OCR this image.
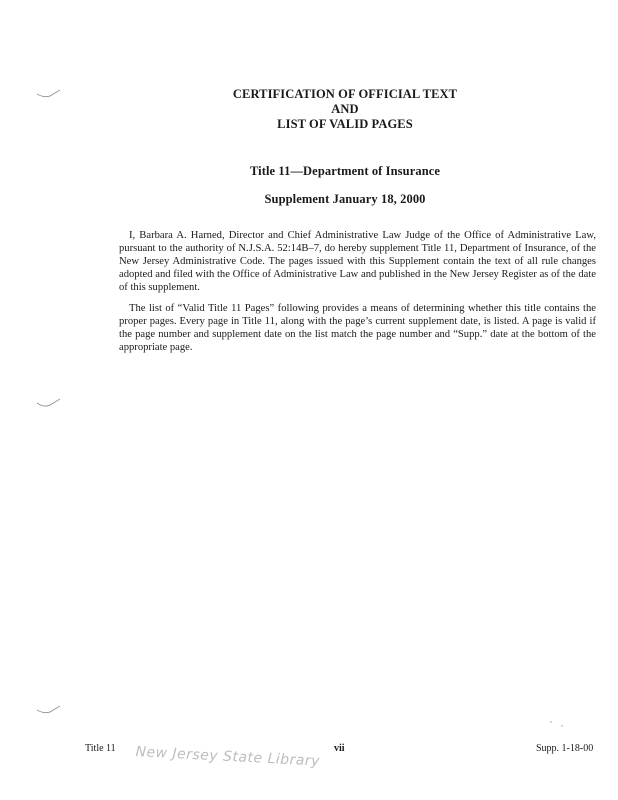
CERTIFICATION OF OFFICIAL TEXT
AND
LIST OF VALID PAGES
Title 11—Department of Insurance
Supplement January 18, 2000

I, Barbara A. Harned, Director and Chief Administrative Law Judge of the Office of Administrative Law, pursuant to the authority of N.J.S.A. 52:14B–7, do hereby supplement Title 11, Department of Insurance, of the New Jersey Administrative Code. The pages issued with this Supplement contain the text of all rule changes adopted and filed with the Office of Administrative Law and published in the New Jersey Register as of the date of this supplement.

The list of “Valid Title 11 Pages” following provides a means of determining whether this title contains the proper pages. Every page in Title 11, along with the page’s current supplement date, is listed. A page is valid if the page number and supplement date on the list match the page number and “Supp.” date at the bottom of the appropriate page.

Title 11 New Jersey State Library vii	Supp. 1-18-00
